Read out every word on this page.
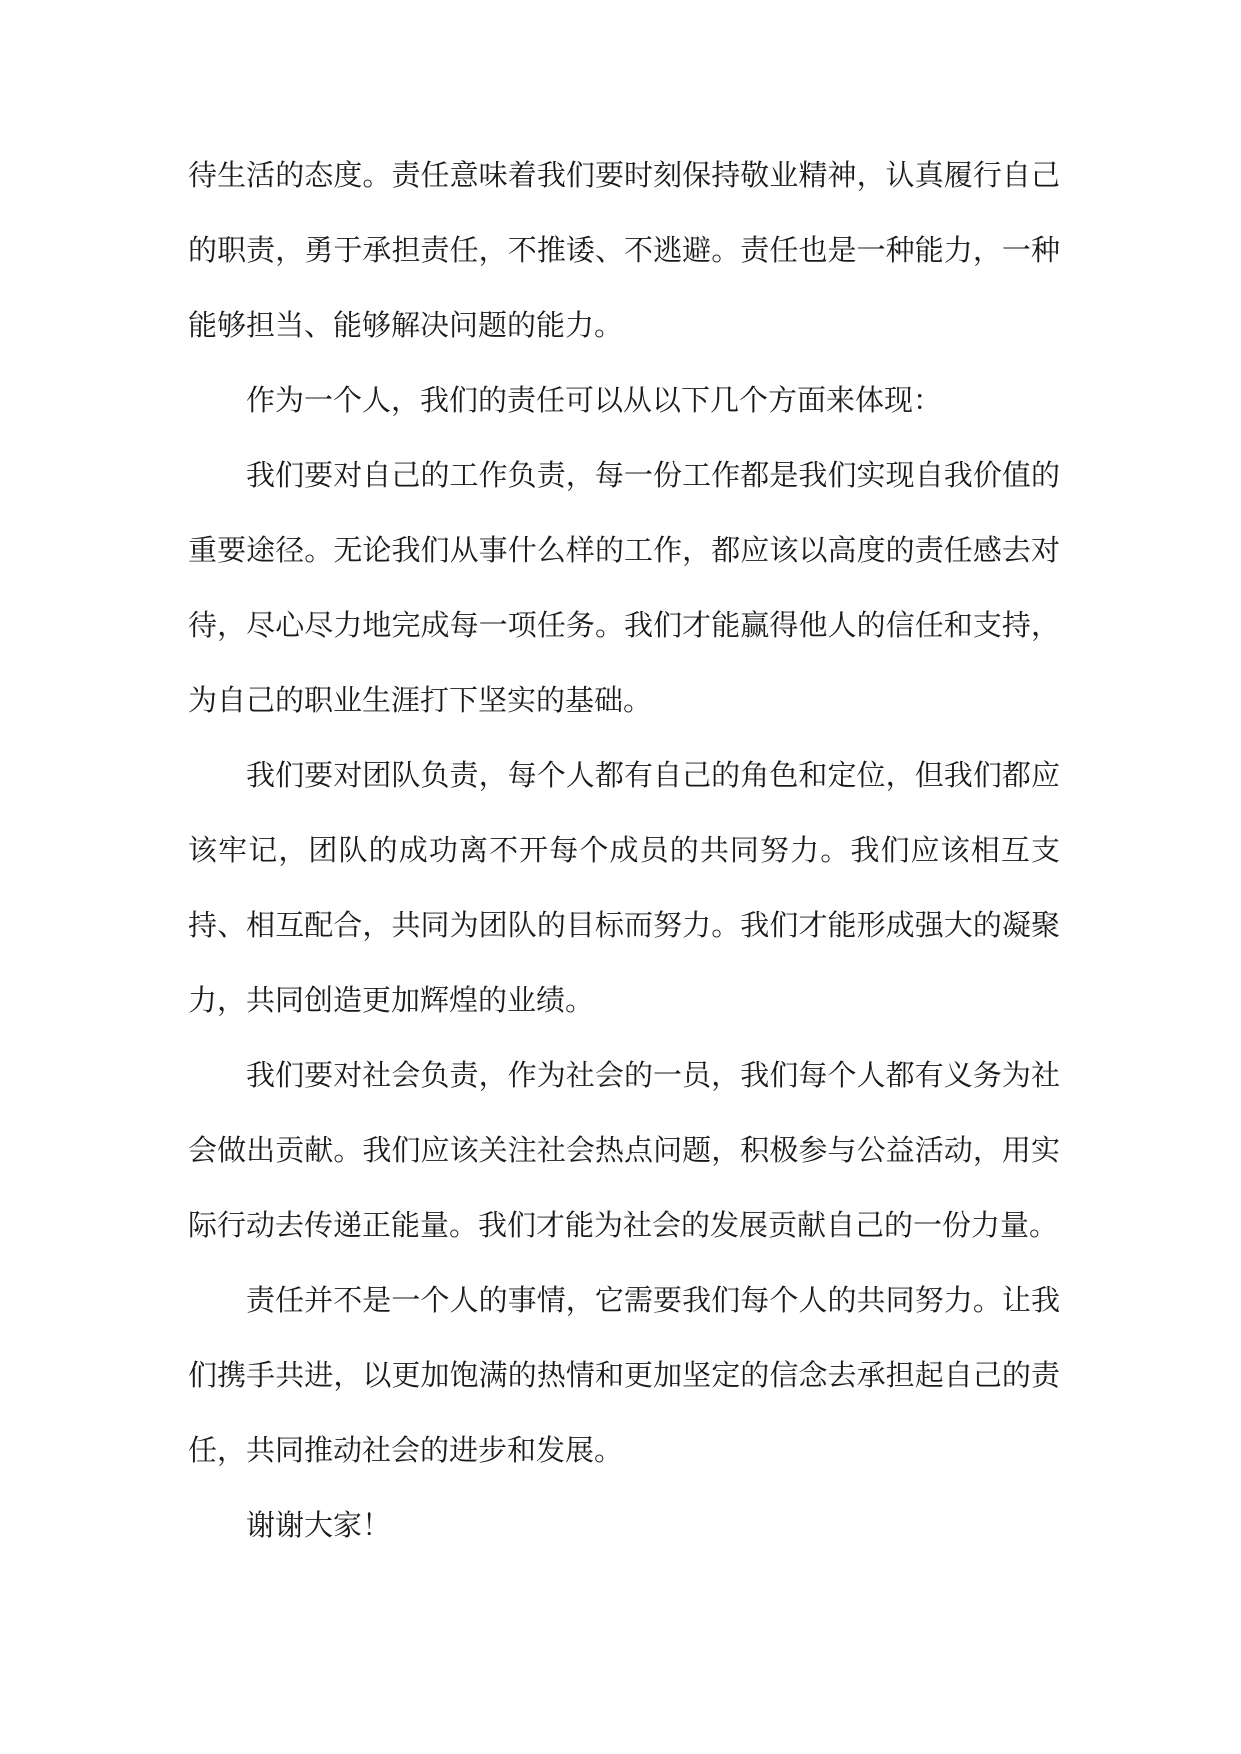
待生活的态度。责任意味着我们要时刻保持敬业精神，认真履行自己的职责，勇于承担责任，不推诿、不逃避。责任也是一种能力，一种能够担当、能够解决问题的能力。

作为一个人，我们的责任可以从以下几个方面来体现：

我们要对自己的工作负责，每一份工作都是我们实现自我价值的重要途径。无论我们从事什么样的工作，都应该以高度的责任感去对待，尽心尽力地完成每一项任务。我们才能赢得他人的信任和支持，为自己的职业生涯打下坚实的基础。

我们要对团队负责，每个人都有自己的角色和定位，但我们都应该牢记，团队的成功离不开每个成员的共同努力。我们应该相互支持、相互配合，共同为团队的目标而努力。我们才能形成强大的凝聚力，共同创造更加辉煌的业绩。

我们要对社会负责，作为社会的一员，我们每个人都有义务为社会做出贡献。我们应该关注社会热点问题，积极参与公益活动，用实际行动去传递正能量。我们才能为社会的发展贡献自己的一份力量。

责任并不是一个人的事情，它需要我们每个人的共同努力。让我们携手共进，以更加饱满的热情和更加坚定的信念去承担起自己的责任，共同推动社会的进步和发展。

谢谢大家！
